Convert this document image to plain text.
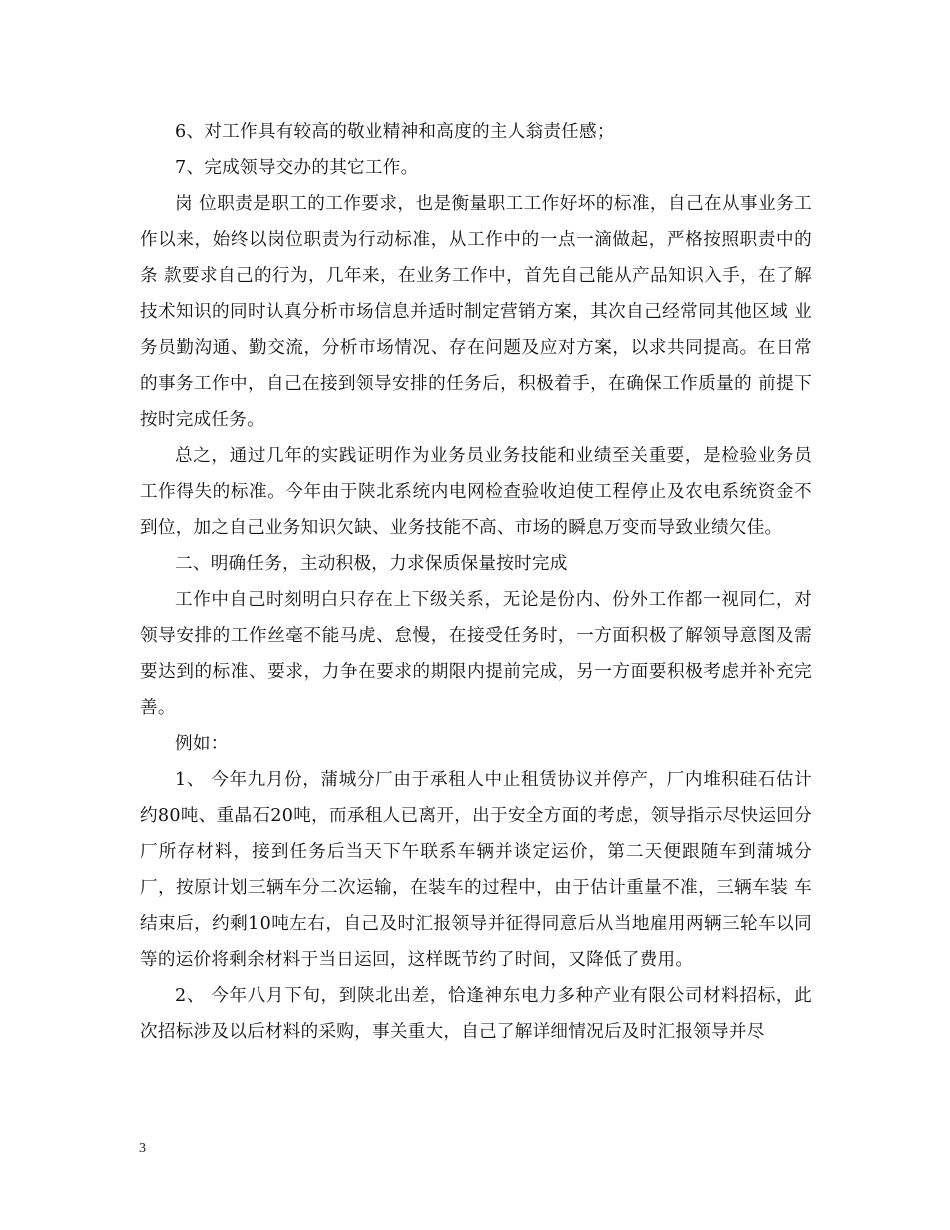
6、对工作具有较高的敬业精神和高度的主人翁责任感；

7、完成领导交办的其它工作。

岗 位职责是职工的工作要求，也是衡量职工工作好坏的标准，自己在从事业务工作以来，始终以岗位职责为行动标准，从工作中的一点一滴做起，严格按照职责中的条 款要求自己的行为，几年来，在业务工作中，首先自己能从产品知识入手，在了解技术知识的同时认真分析市场信息并适时制定营销方案，其次自己经常同其他区域 业务员勤沟通、勤交流，分析市场情况、存在问题及应对方案，以求共同提高。在日常的事务工作中，自己在接到领导安排的任务后，积极着手，在确保工作质量的 前提下按时完成任务。

总之，通过几年的实践证明作为业务员业务技能和业绩至关重要，是检验业务员工作得失的标准。今年由于陕北系统内电网检查验收迫使工程停止及农电系统资金不到位，加之自己业务知识欠缺、业务技能不高、市场的瞬息万变而导致业绩欠佳。

二、明确任务，主动积极，力求保质保量按时完成

工作中自己时刻明白只存在上下级关系，无论是份内、份外工作都一视同仁，对领导安排的工作丝毫不能马虎、怠慢，在接受任务时，一方面积极了解领导意图及需要达到的标准、要求，力争在要求的期限内提前完成，另一方面要积极考虑并补充完善。

例如：

1、 今年九月份，蒲城分厂由于承租人中止租赁协议并停产，厂内堆积硅石估计约80吨、重晶石20吨，而承租人已离开，出于安全方面的考虑，领导指示尽快运回分 厂所存材料，接到任务后当天下午联系车辆并谈定运价，第二天便跟随车到蒲城分厂，按原计划三辆车分二次运输，在装车的过程中，由于估计重量不准，三辆车装 车结束后，约剩10吨左右，自己及时汇报领导并征得同意后从当地雇用两辆三轮车以同等的运价将剩余材料于当日运回，这样既节约了时间，又降低了费用。

2、 今年八月下旬，到陕北出差，恰逢神东电力多种产业有限公司材料招标，此次招标涉及以后材料的采购，事关重大，自己了解详细情况后及时汇报领导并尽

3
